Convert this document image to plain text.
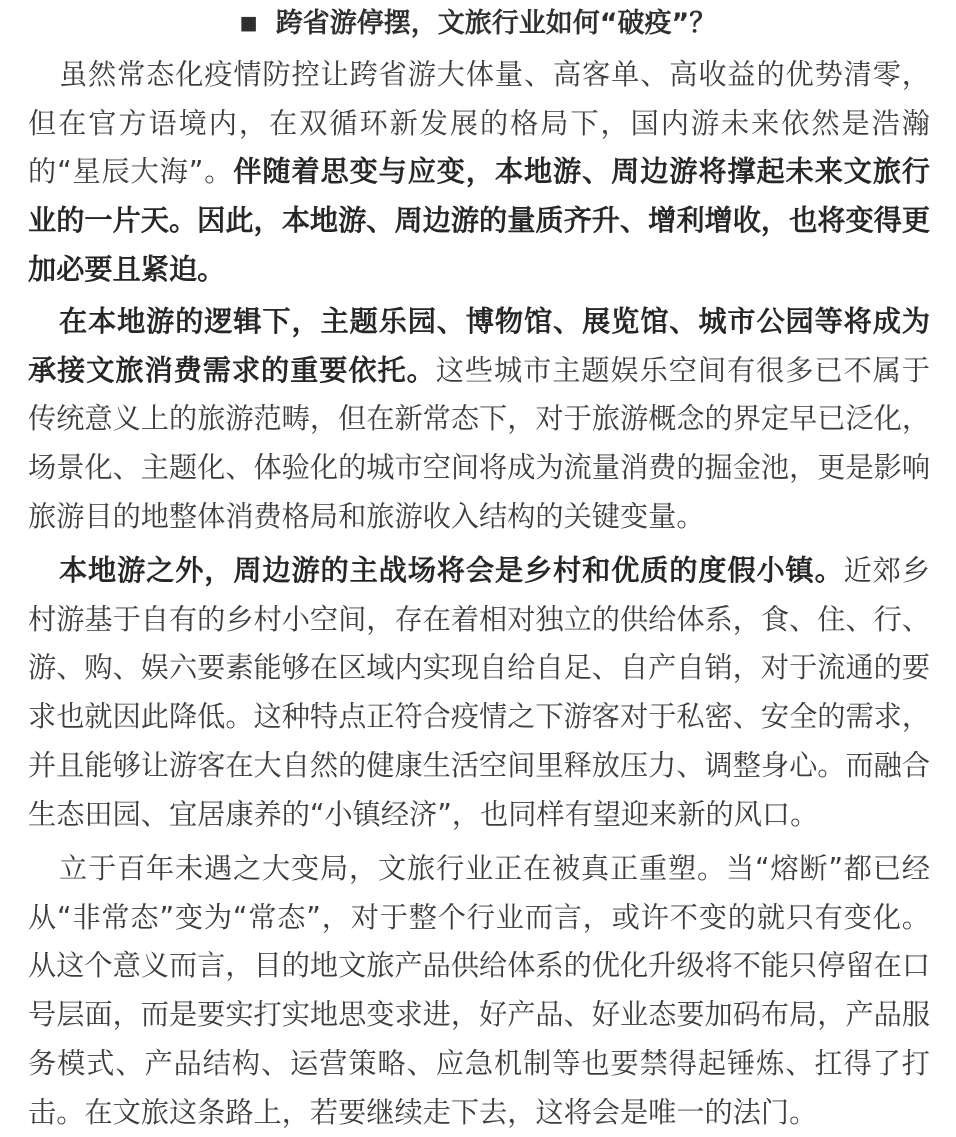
■ 跨省游停摆，文旅行业如何“破疫”？

虽然常态化疫情防控让跨省游大体量、高客单、高收益的优势清零，但在官方语境内，在双循环新发展的格局下，国内游未来依然是浩瀚的“星辰大海”。伴随着思变与应变，本地游、周边游将撑起未来文旅行业的一片天。因此，本地游、周边游的量质齐升、增利增收，也将变得更加必要且紧迫。

在本地游的逻辑下，主题乐园、博物馆、展览馆、城市公园等将成为承接文旅消费需求的重要依托。这些城市主题娱乐空间有很多已不属于传统意义上的旅游范畴，但在新常态下，对于旅游概念的界定早已泛化，场景化、主题化、体验化的城市空间将成为流量消费的掘金池，更是影响旅游目的地整体消费格局和旅游收入结构的关键变量。

本地游之外，周边游的主战场将会是乡村和优质的度假小镇。近郊乡村游基于自有的乡村小空间，存在着相对独立的供给体系，食、住、行、游、购、娱六要素能够在区域内实现自给自足、自产自销，对于流通的要求也就因此降低。这种特点正符合疫情之下游客对于私密、安全的需求，并且能够让游客在大自然的健康生活空间里释放压力、调整身心。而融合生态田园、宜居康养的“小镇经济”，也同样有望迎来新的风口。

立于百年未遇之大变局，文旅行业正在被真正重塑。当“熔断”都已经从“非常态”变为“常态”，对于整个行业而言，或许不变的就只有变化。从这个意义而言，目的地文旅产品供给体系的优化升级将不能只停留在口号层面，而是要实打实地思变求进，好产品、好业态要加码布局，产品服务模式、产品结构、运营策略、应急机制等也要禁得起锤炼、扛得了打击。在文旅这条路上，若要继续走下去，这将会是唯一的法门。
